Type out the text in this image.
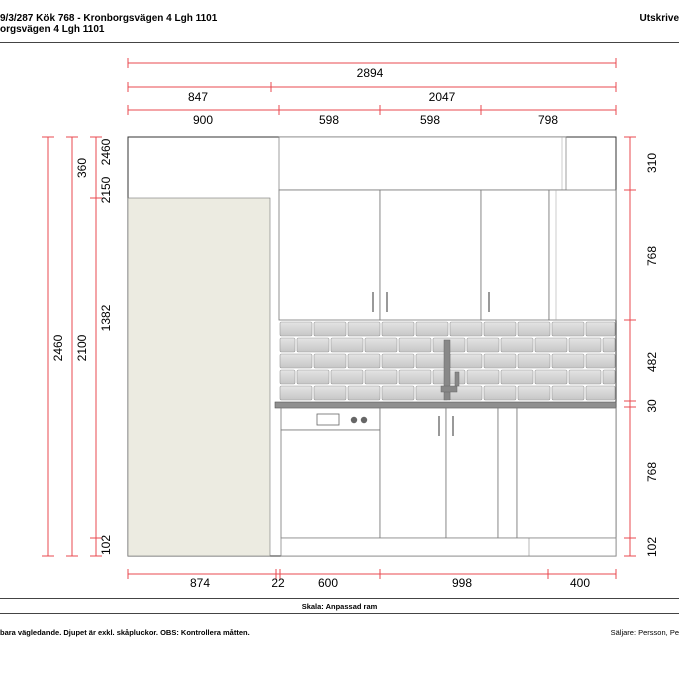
9/3/287 Kök 768 - Kronborgsvägen 4 Lgh 1101
orgsvägen 4 Lgh 1101
Utskrive
2894
847	2047
900	598	598	798
2460 2100
360
1382
102
2460
2150
310
768
482
30
768
102
874	22	600	998	400
Skala: Anpassad ram
bara vägledande. Djupet är exkl. skåpluckor. OBS: Kontrollera måtten.	Säljare: Persson, Pe
